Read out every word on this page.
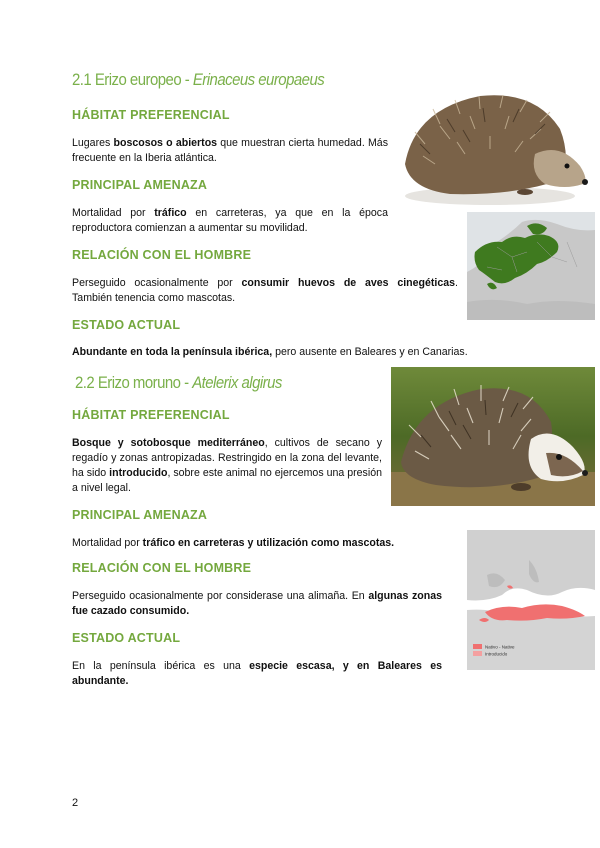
2.1 Erizo europeo - Erinaceus europaeus
HÁBITAT PREFERENCIAL
Lugares boscosos o abiertos que muestran cierta humedad. Más frecuente en la Iberia atlántica.
PRINCIPAL AMENAZA
Mortalidad por tráfico en carreteras, ya que en la época reproductora comienzan a aumentar su movilidad.
RELACIÓN CON EL HOMBRE
Perseguido ocasionalmente por consumir huevos de aves cinegéticas. También tenencia como mascotas.
ESTADO ACTUAL
Abundante en toda la península ibérica, pero ausente en Baleares y en Canarias.
2.2 Erizo moruno - Atelerix algirus
HÁBITAT PREFERENCIAL
Bosque y sotobosque mediterráneo, cultivos de secano y regadío y zonas antropizadas. Restringido en la zona del levante, ha sido introducido, sobre este animal no ejercemos una presión a nivel legal.
PRINCIPAL AMENAZA
Mortalidad por tráfico en carreteras y utilización como mascotas.
RELACIÓN CON EL HOMBRE
Perseguido ocasionalmente por considerase una alimaña. En algunas zonas fue cazado consumido.
ESTADO ACTUAL
En la península ibérica es una especie escasa, y en Baleares es abundante.
Nativo - Native
Introducido
2
